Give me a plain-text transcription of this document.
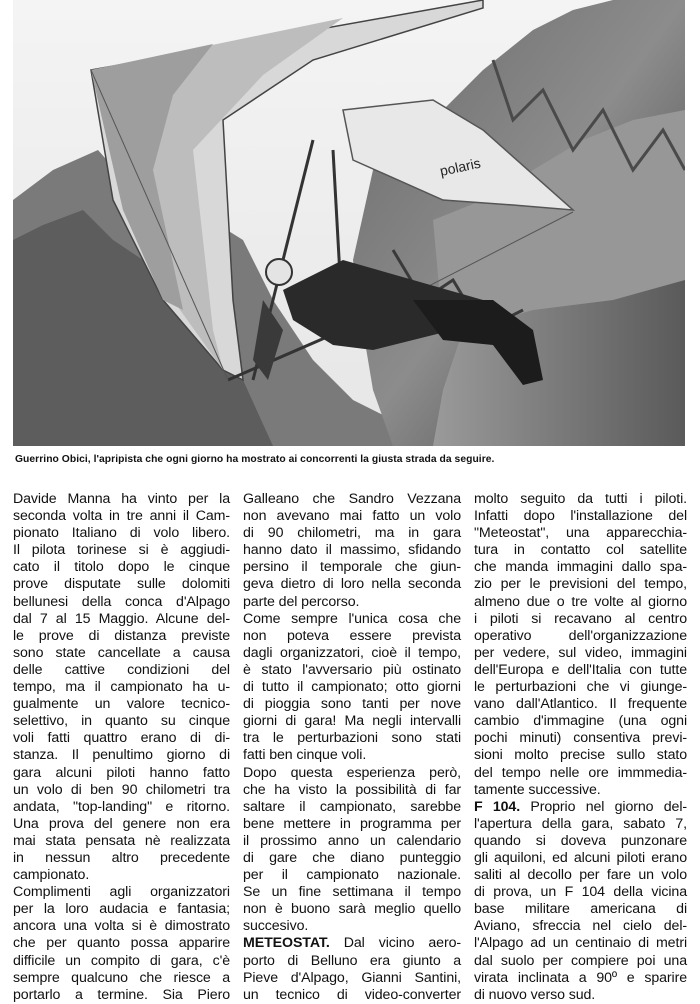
polaris
Guerrino Obici, l'apripista che ogni giorno ha mostrato ai concorrenti la giusta strada da seguire.
Davide Manna ha vinto per la
seconda volta in tre anni il Cam-
pionato Italiano di volo libero.
Il pilota torinese si è aggiudi-
cato il titolo dopo le cinque
prove disputate sulle dolomiti
bellunesi della conca d'Alpago
dal 7 al 15 Maggio. Alcune del-
le prove di distanza previste
sono state cancellate a causa
delle cattive condizioni del
tempo, ma il campionato ha u-
gualmente un valore tecnico-
selettivo, in quanto su cinque
voli fatti quattro erano di di-
stanza. Il penultimo giorno di
gara alcuni piloti hanno fatto
un volo di ben 90 chilometri tra
andata, "top-landing" e ritorno.
Una prova del genere non era
mai stata pensata nè realizzata
in nessun altro precedente
campionato.
Complimenti agli organizzatori
per la loro audacia e fantasia;
ancora una volta si è dimostrato
che per quanto possa apparire
difficile un compito di gara, c'è
sempre qualcuno che riesce a
portarlo a termine. Sia Piero
Galleano che Sandro Vezzana
non avevano mai fatto un volo
di 90 chilometri, ma in gara
hanno dato il massimo, sfidando
persino il temporale che giun-
geva dietro di loro nella seconda
parte del percorso.
Come sempre l'unica cosa che
non poteva essere prevista
dagli organizzatori, cioè il tempo,
è stato l'avversario più ostinato
di tutto il campionato; otto giorni
di pioggia sono tanti per nove
giorni di gara! Ma negli intervalli
tra le perturbazioni sono stati
fatti ben cinque voli.
Dopo questa esperienza però,
che ha visto la possibilità di far
saltare il campionato, sarebbe
bene mettere in programma per
il prossimo anno un calendario
di gare che diano punteggio
per il campionato nazionale.
Se un fine settimana il tempo
non è buono sarà meglio quello
succesivo.
METEOSTAT. Dal vicino aero-
porto di Belluno era giunto a
Pieve d'Alpago, Gianni Santini,
un tecnico di video-converter
molto seguito da tutti i piloti.
Infatti dopo l'installazione del
"Meteostat", una apparecchia-
tura in contatto col satellite
che manda immagini dallo spa-
zio per le previsioni del tempo,
almeno due o tre volte al giorno
i piloti si recavano al centro
operativo dell'organizzazione
per vedere, sul video, immagini
dell'Europa e dell'Italia con tutte
le perturbazioni che vi giunge-
vano dall'Atlantico. Il frequente
cambio d'immagine (una ogni
pochi minuti) consentiva previ-
sioni molto precise sullo stato
del tempo nelle ore immmedia-
tamente successive.
F 104. Proprio nel giorno del-
l'apertura della gara, sabato 7,
quando si doveva punzonare
gli aquiloni, ed alcuni piloti erano
saliti al decollo per fare un volo
di prova, un F 104 della vicina
base militare americana di
Aviano, sfreccia nel cielo del-
l'Alpago ad un centinaio di metri
dal suolo per compiere poi una
virata inclinata a 90º e sparire
di nuovo verso sud.
